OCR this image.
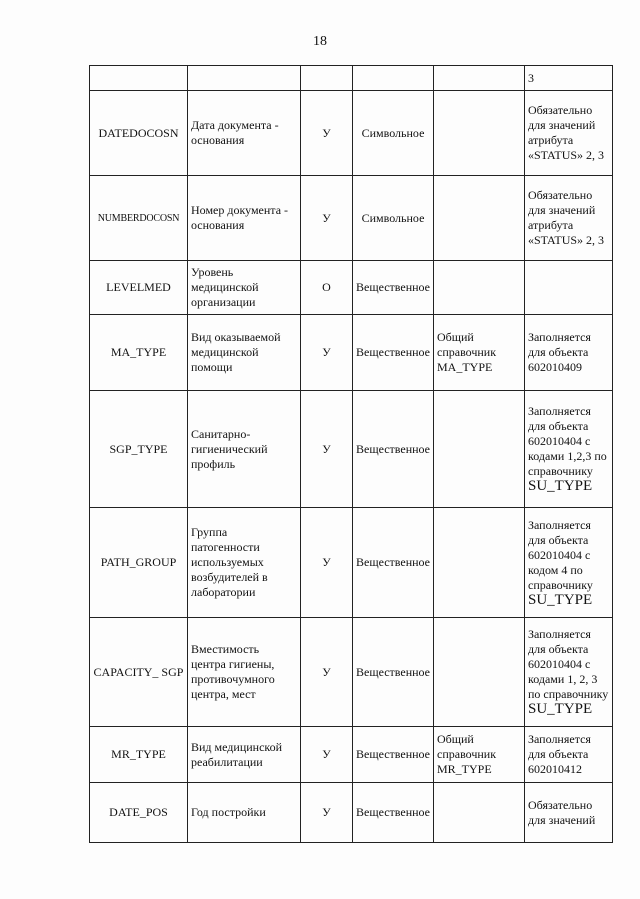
18
					3
DATEDOCOSN	Дата документа - основания	У	Символьное		Обязательно для значений атрибута «STATUS» 2, 3
NUMBERDOCOSN	Номер документа - основания	У	Символьное		Обязательно для значений атрибута «STATUS» 2, 3
LEVELMED	Уровень медицинской организации	О	Вещественное		
MA_TYPE	Вид оказываемой медицинской помощи	У	Вещественное	Общий справочник MA_TYPE	Заполняется для объекта 602010409
SGP_TYPE	Санитарно-гигиенический профиль	У	Вещественное		Заполняется для объекта 602010404 с кодами 1,2,3 по справочнику
SU_TYPE
PATH_GROUP	Группа патогенности используемых возбудителей в лаборатории	У	Вещественное		Заполняется для объекта 602010404 с кодом 4 по справочнику
SU_TYPE
CAPACITY_ SGP	Вместимость центра гигиены, противочумного центра, мест	У	Вещественное		Заполняется для объекта 602010404 с кодами 1, 2, 3 по справочнику
SU_TYPE
MR_TYPE	Вид медицинской реабилитации	У	Вещественное	Общий справочник MR_TYPE	Заполняется для объекта 602010412
DATE_POS	Год постройки	У	Вещественное		Обязательно для значений
